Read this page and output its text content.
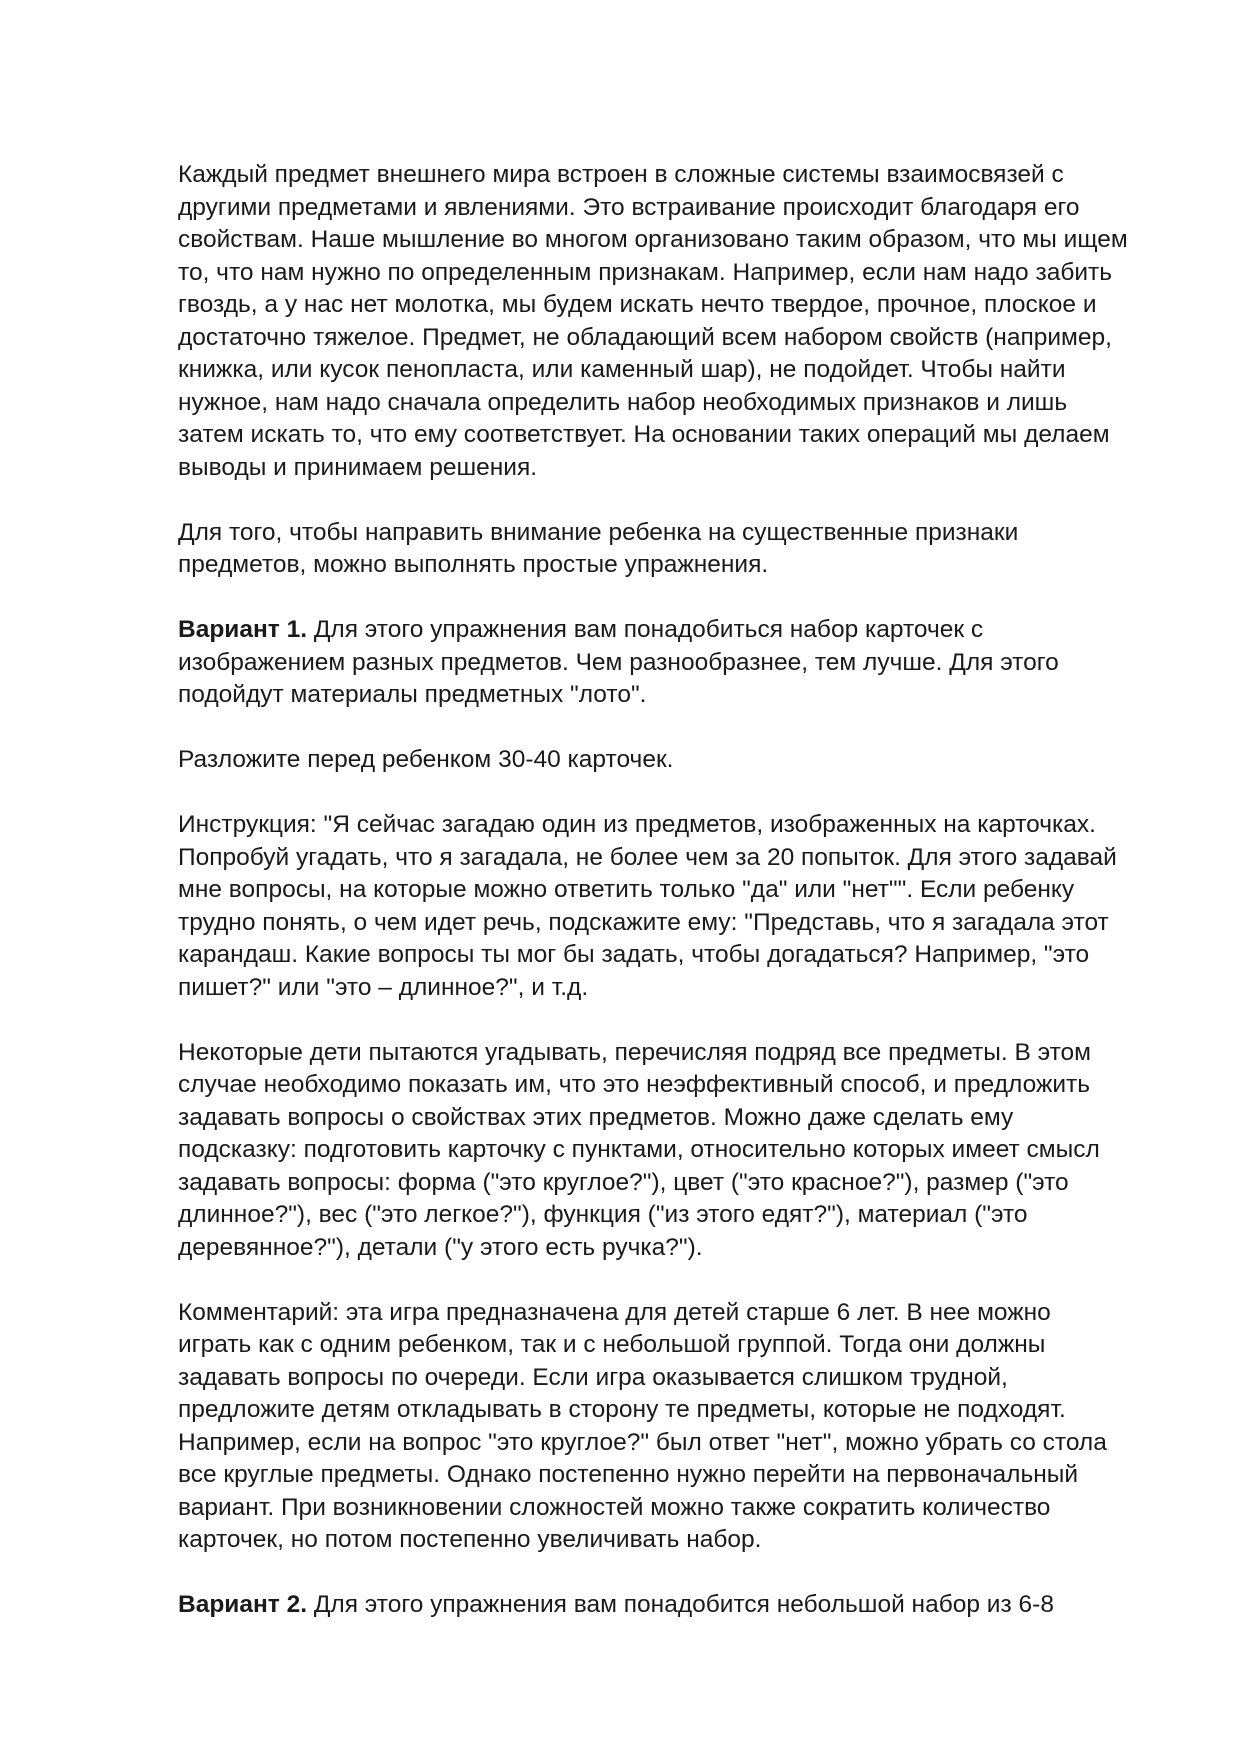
Каждый предмет внешнего мира встроен в сложные системы взаимосвязей с
другими предметами и явлениями. Это встраивание происходит благодаря его
свойствам. Наше мышление во многом организовано таким образом, что мы ищем
то, что нам нужно по определенным признакам. Например, если нам надо забить
гвоздь, а у нас нет молотка, мы будем искать нечто твердое, прочное, плоское и
достаточно тяжелое. Предмет, не обладающий всем набором свойств (например,
книжка, или кусок пенопласта, или каменный шар), не подойдет. Чтобы найти
нужное, нам надо сначала определить набор необходимых признаков и лишь
затем искать то, что ему соответствует. На основании таких операций мы делаем
выводы и принимаем решения.
Для того, чтобы направить внимание ребенка на существенные признаки
предметов, можно выполнять простые упражнения.
Вариант 1. Для этого упражнения вам понадобиться набор карточек с
изображением разных предметов. Чем разнообразнее, тем лучше. Для этого
подойдут материалы предметных "лото".
Разложите перед ребенком 30-40 карточек.
Инструкция: "Я сейчас загадаю один из предметов, изображенных на карточках.
Попробуй угадать, что я загадала, не более чем за 20 попыток. Для этого задавай
мне вопросы, на которые можно ответить только "да" или "нет"". Если ребенку
трудно понять, о чем идет речь, подскажите ему: "Представь, что я загадала этот
карандаш. Какие вопросы ты мог бы задать, чтобы догадаться? Например, "это
пишет?" или "это – длинное?", и т.д.
Некоторые дети пытаются угадывать, перечисляя подряд все предметы. В этом
случае необходимо показать им, что это неэффективный способ, и предложить
задавать вопросы о свойствах этих предметов. Можно даже сделать ему
подсказку: подготовить карточку с пунктами, относительно которых имеет смысл
задавать вопросы: форма ("это круглое?"), цвет ("это красное?"), размер ("это
длинное?"), вес ("это легкое?"), функция ("из этого едят?"), материал ("это
деревянное?"), детали ("у этого есть ручка?").
Комментарий: эта игра предназначена для детей старше 6 лет. В нее можно
играть как с одним ребенком, так и с небольшой группой. Тогда они должны
задавать вопросы по очереди. Если игра оказывается слишком трудной,
предложите детям откладывать в сторону те предметы, которые не подходят.
Например, если на вопрос "это круглое?" был ответ "нет", можно убрать со стола
все круглые предметы. Однако постепенно нужно перейти на первоначальный
вариант. При возникновении сложностей можно также сократить количество
карточек, но потом постепенно увеличивать набор.
Вариант 2. Для этого упражнения вам понадобится небольшой набор из 6-8
